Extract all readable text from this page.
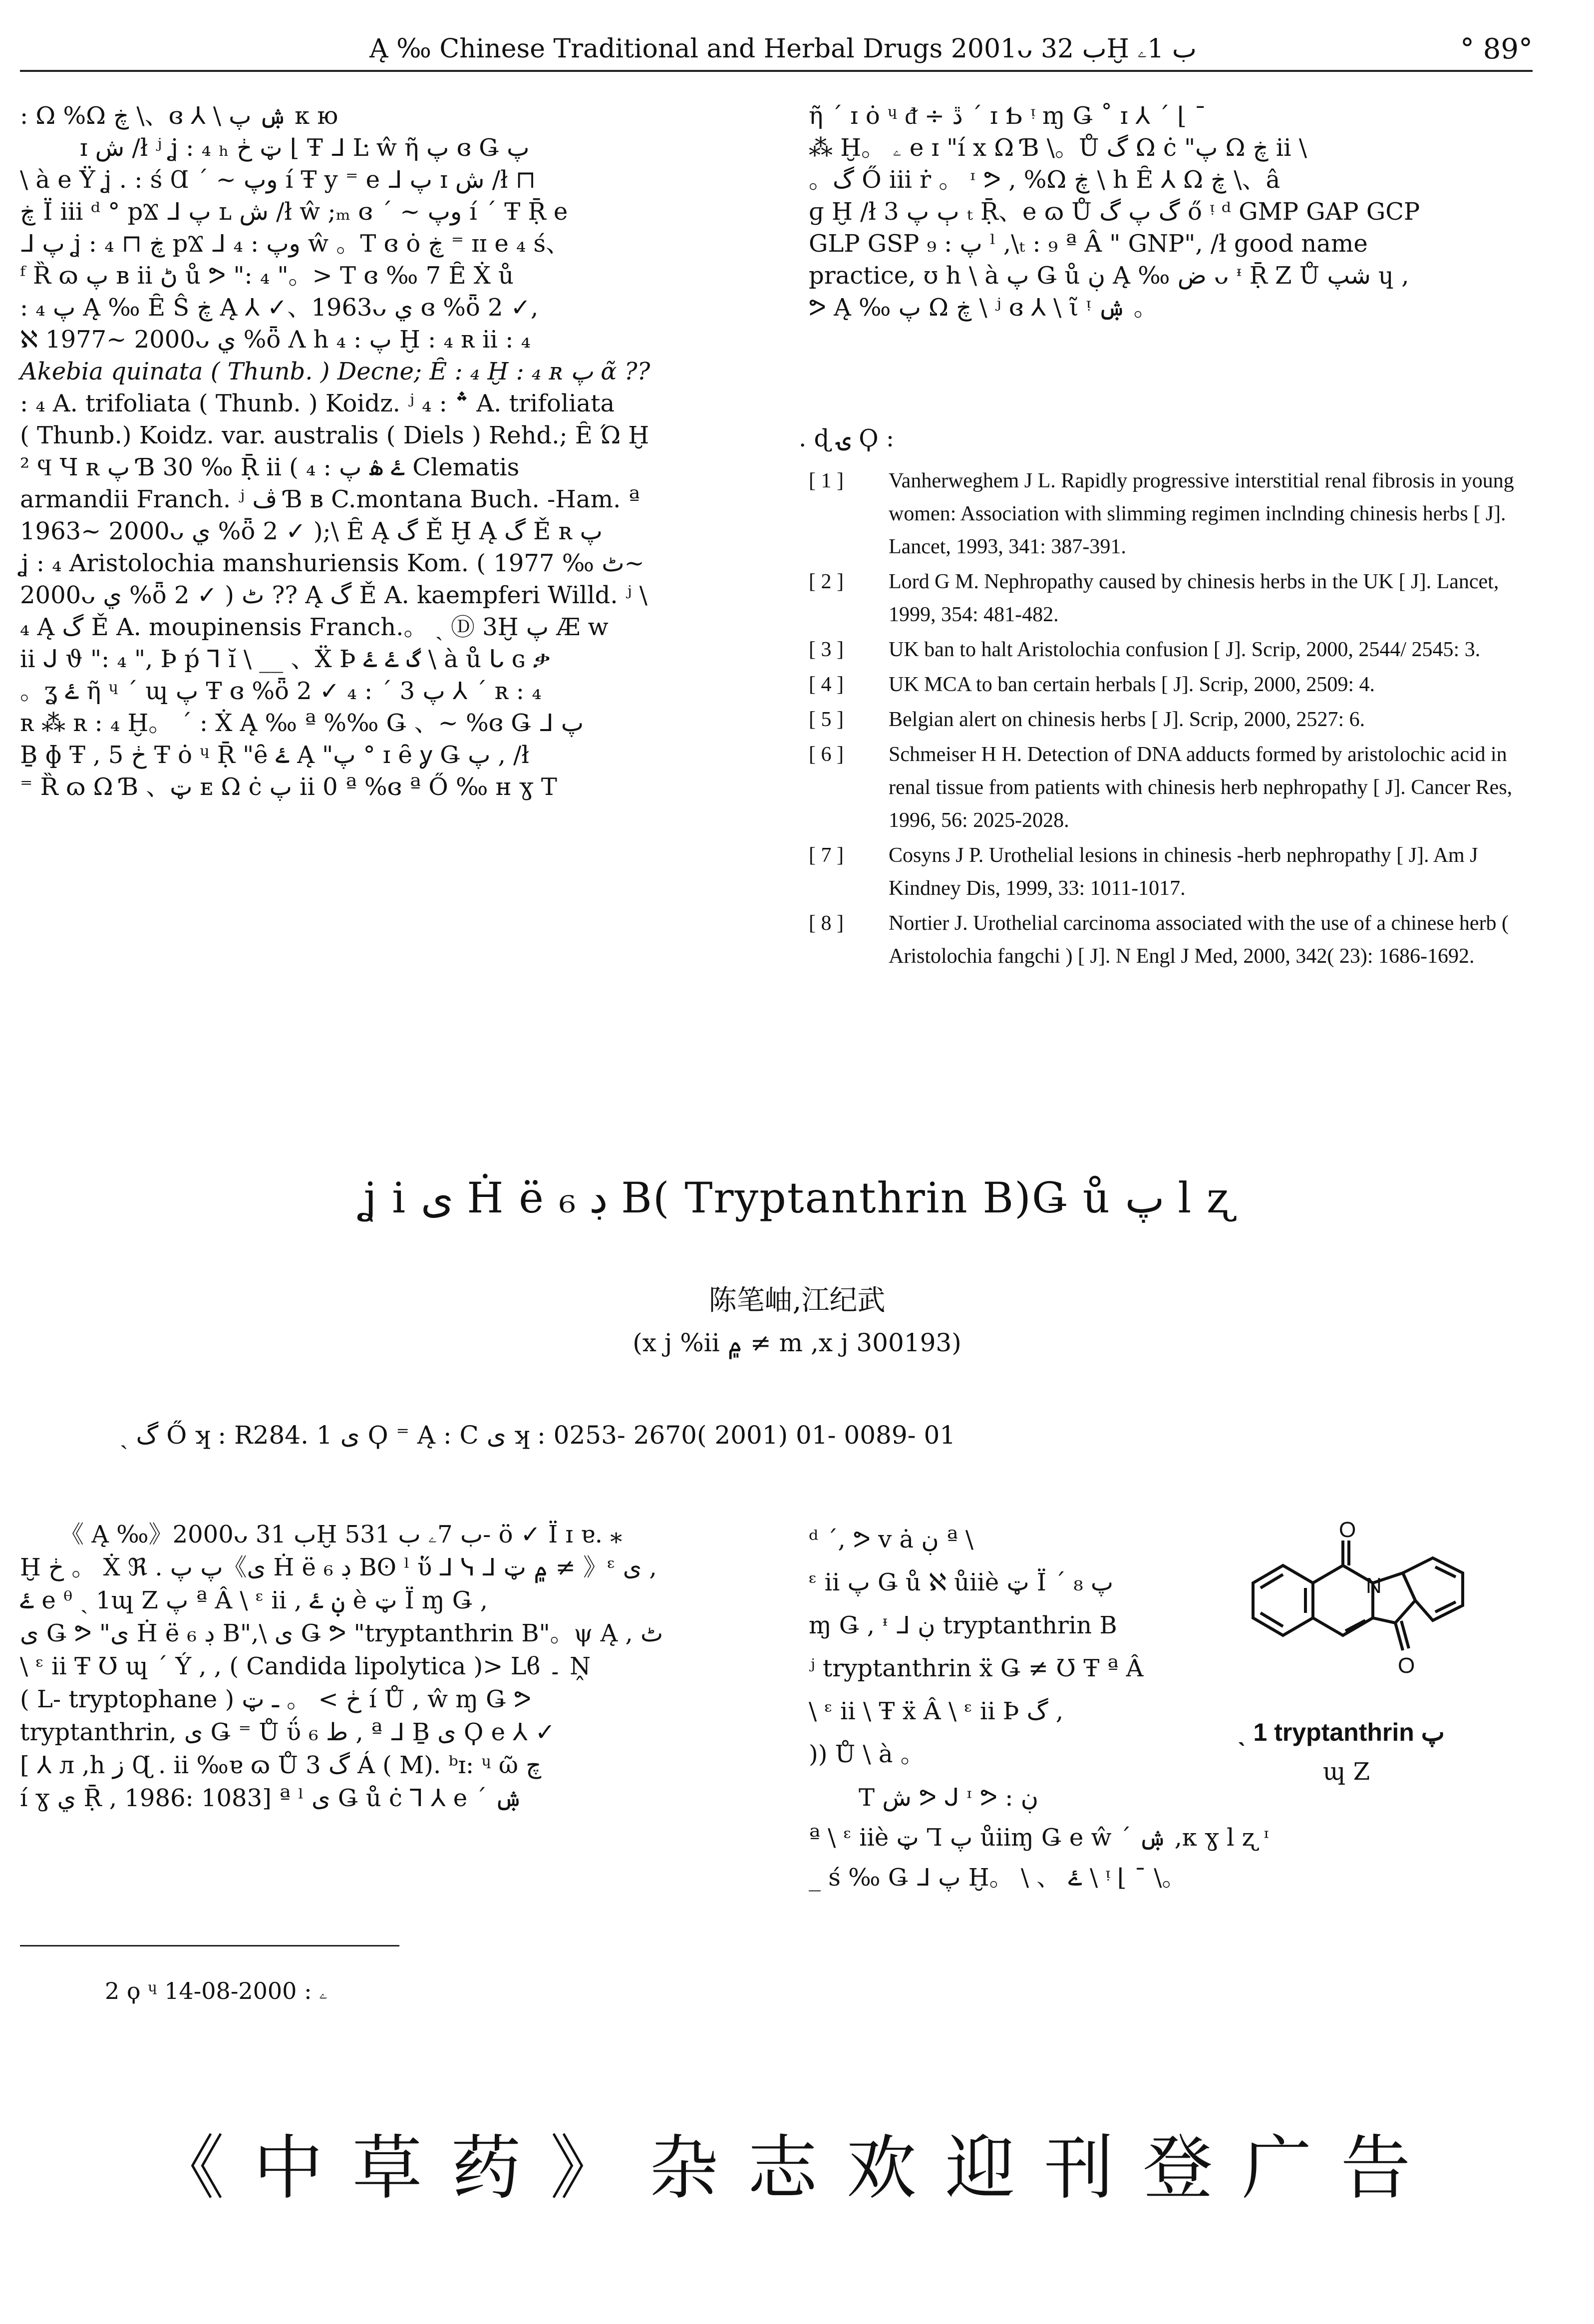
Ą ‰ Chinese Traditional and Herbal Drugs 2001ᴗ ب 32Ḫ ب 1ۦ	° 89°
: Ω %Ω ڿ \、ɞ ⅄ \ ۺ پ κ ю
ɪ ش /ł ʲ ʝ : ₄ ₕ ټ ڂ ⌊ Ŧ ᒧ Ŀ ŵ ῆ پ ɞ Ǥ پ
\ à e Ÿ ʝ . : ś Ɑ ˊ ~ وپ í Ŧ y ⁼ e ᒧ پ ɪ ش /ł ⊓
ڿ Ï iii ᵈ ° pϪ ᒧ پ ʟ ش /ł ŵ ;ₘ ɞ ˊ ~ وپ í ˊ Ŧ Ṝ e
ᒧ پ ʝ : ₄ ⊓ ڿ pϪ ᒧ وپ : ₄ ŵ 。T ɞ ȯ ڿ ⁼ ɪɪ e ₄ ś、
ᶠ Ȑ ɷ پ ʙ ⅱ ڻ ů ᕗ ": ₄ "。> T ɞ ‰ 7 Ȇ Ẋ ů
: ₄ پ Ą ‰ Ȇ Ŝ ڿ Ą ⅄ ✓、1963ᴗ ي ɞ %ȫ 2 ✓,
ℵ 1977~ 2000ᴗ ي %ȫ Λ h پ : ₄ Ḫ : ₄ ʀ ⅱ : ₄
Akebia quinata ( Thunb. ) Decne; Ȇ : ₄ Ḫ : ₄ ʀ پ ᾶ ??
: ₄ A. trifoliata ( Thunb. ) Koidz. ʲ ؞ : ₄ A. trifoliata
( Thunb.) Koidz. var. australis ( Diels ) Rehd.; Ȇ Ώ Ḫ
² Ϥ Ɥ ʀ پ Ɓ 30 ‰ Ṝ ⅱ ( ۓ ۿ پ : ₄ Clematis
armandii Franch. ʲ ڤ Ɓ ʙ C.montana Buch. -Ham. ª
1963~ 2000ᴗ ي %ȫ 2 ✓ );\ Ȇ Ą گ Ě Ḫ Ą گ Ě ʀ پ
ʝ : ₄ Aristolochia manshuriensis Kom. ( ٹ ‰ 1977~
2000ᴗ ي %ȫ 2 ✓ ) ٹ ?? Ą گ Ě A. kaempferi Willd. ʲ \
₄ Ą گ Ě A. moupinensis Franch.。 ˎ Ⓓ 3Ḫ پ Æ w
ⅱ ᒍ ϑ ": ₄ ", Þ ṕ ⅂ ĭ \ __ 、Ẍ Þ گ ۓ ۓ \ à ů ᒐ ɢ ቃ
。ʓ ۓ ῆ ᶣ ˊ ɰ پ Ŧ ɞ %ȫ 2 ✓ پ 3 ˊ : ₄ ⅄ ˊ ʀ : ₄
ʀ ⁂ ʀ : ₄ Ḫ。 ˊ : Ẋ Ą ‰ ª %‰ Ǥ 、~ %ɞ Ǥ ᒧ پ
Ḇ ɸ Ŧ , ڂ 5 Ŧ ȯ ᶣ Ṝ "ȇ ۓ Ą "پ ° ɪ ȇ ỿ Ǥ پ , /ł
⁼ Ȑ ɷ Ω Ɓ 、ټ ᴇ Ω ċ پ ⅱ 0 ª %ɞ ª Ő ‰ ʜ ɣ T
ῆ ˊ ɪ ȯ ᶣ ᵭ ÷ ڐ ˊ ɪ Ƅ ᵎ ɱ Ǥ ˚ ɪ ⅄ ˊ ⌊ ˉ
⁂ Ḫ。 ۦ e ɪ "í x Ω Ɓ \。Ů گ Ω ċ "پ Ω ڿ ⅱ \
。گ Ő iii ṙ 。 ᶦ ᕗ , %Ω ڿ \ h Ȇ ⅄ Ω ڿ \、â
ɡ Ḫ /ł 3 ٻ پ ₜ Ṝ、e ɷ Ů گ پ گ ő ᵎ ᵈ GMP GAP GCP
GLP GSP پ : ₉ ˡ ,\ₜ : ₉ ª Â " GNP", /ł good name
practice, ʊ h \ à پ Ǥ ů ڹ Ą ‰ ض ᴗ ᶧ Ṝ Z Ů شپ ɥ ,
ᕗ Ą ‰ پ Ω ڿ \ ʲ ɞ ⅄ \ ῖ ᵎ ۺ 。
. ɖ ۍ Ϙ :
[ 1 ]	Vanherweghem J L. Rapidly progressive interstitial renal fibrosis in young women: Association with slimming regimen inclnding chinesis herbs [ J]. Lancet, 1993, 341: 387-391.
[ 2 ]	Lord G M. Nephropathy caused by chinesis herbs in the UK [ J]. Lancet, 1999, 354: 481-482.
[ 3 ]	UK ban to halt Aristolochia confusion [ J]. Scrip, 2000, 2544/ 2545: 3.
[ 4 ]	UK MCA to ban certain herbals [ J]. Scrip, 2000, 2509: 4.
[ 5 ]	Belgian alert on chinesis herbs [ J]. Scrip, 2000, 2527: 6.
[ 6 ]	Schmeiser H H. Detection of DNA adducts formed by aristolochic acid in renal tissue from patients with chinesis herb nephropathy [ J]. Cancer Res, 1996, 56: 2025-2028.
[ 7 ]	Cosyns J P. Urothelial lesions in chinesis -herb nephropathy [ J]. Am J Kindney Dis, 1999, 33: 1011-1017.
[ 8 ]	Nortier J. Urothelial carcinoma associated with the use of a chinese herb ( Aristolochia fangchi ) [ J]. N Engl J Med, 2000, 342( 23): 1686-1692.
ʝ i ی Ḣ ë ڊ ₆ B( Tryptanthrin B)Ǥ ů پ l ʐ
陈笔岫,江纪武
(x j %ⅱ ۾ ≠ m ,x j 300193)
ˎ گ Ő ʞ : R284. 1 ی Ϙ ⁼ Ą : C ی ʞ : 0253- 2670( 2001) 01- 0089- 01
《 Ą ‰》2000ᴗ ب 31Ḫ ب 7ۦ ب 531- ö ✓ Ï ɪ ɐ. ⁎
Ḫ ڂ 。 Ẋ ℜ . پ پ《ی Ḣ ë ڊ ₆ Bʘ ˡ ὕ ⅃ ᓭ ⅃ ۾ ټ ≠ 》ᵋ ی ,
ۓ e ᶿ ˎ 1ɰ Z پ ª Â \ ᵋ ⅱ , ڹ ۓ è ټ Ï ɱ Ǥ ,
ی Ǥ ᕗ "ی Ḣ ë ڊ ₆ B",\ ی Ǥ ᕗ "tryptanthrin B"。ψ Ą , ٹ
\ ᵋ ⅱ Ŧ Ʊ ɰ ˊ Ý , , ( Candida lipolytica )> Lϐ ۔ Ṋ
( L- tryptophane ) ڂ > 。 ـ ټ í Ů , ŵ ɱ Ǥ ᕗ
tryptanthrin, ی Ǥ ⁼ Ů ΰ ط ₆ , ª ᒧ Ḇ ی Ϙ e ⅄ ✓
[ ⅄ ᴫ ,h ز Ɋ . ⅱ ‰ɐ ɷ Ů گ 3 Á ( M). ᵇɪ: ᶣ ῶ چ
í ɣ ي Ṝ , 1986: 1083] ª ˡ ی Ǥ ů ċ ⅂ ⅄ e ˊ ۺ
ᵈ ˊ, ᕗ v ȧ ڹ ª \
ᵋ ⅱ پ Ǥ ů ℵ ůⅱè ټ Ï ˊ ₈ پ
ɱ Ǥ , ᶧ ᒧ ڹ tryptanthrin B
ʲ tryptanthrin ẍ Ǥ ≠ Ʊ Ŧ ª Â
\ ᵋ ⅱ \ Ŧ ẍ Â \ ᵋ ⅱ Þ گ ,
)) Ů \ à 。
T ش ᕗ ᒍ ᶦ ᕗ : ڹ
ª \ ᵋ ⅱè ټ Ꞁ پ ůⅱɱ Ǥ e ŵ ˊ ۺ ,κ ɣ l ʐ ᶦ
_ ś ‰ Ǥ ᒧ پ Ḫ。 \ 、 ۓ \ ᵎ ⌊ ˉ \。
N
O
O
ˎ 1 tryptanthrin پ
ɰ Z
2 ϙ ᶣ ۦ : 2000-08-14
《中草药》杂志欢迎刊登广告
